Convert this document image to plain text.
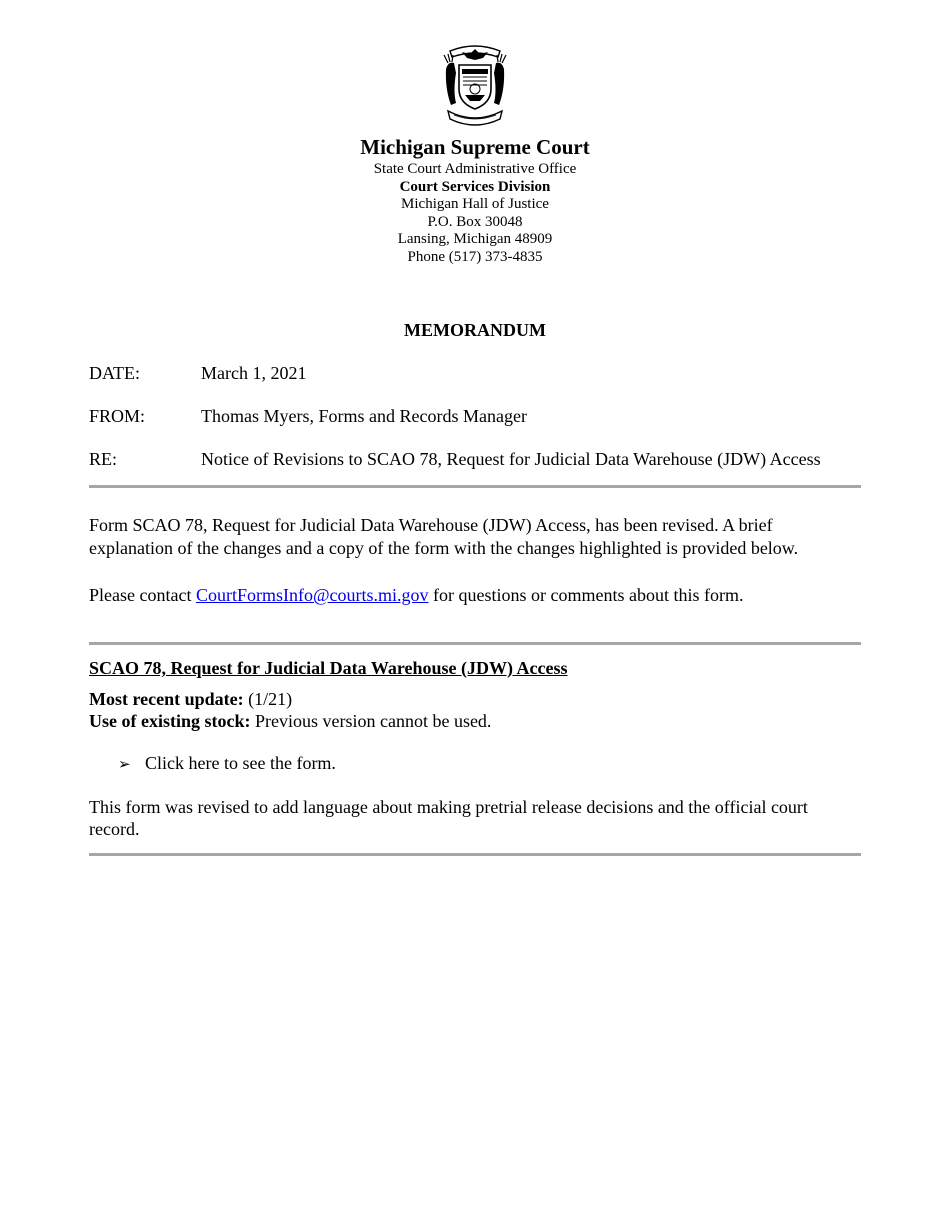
Michigan Supreme Court
State Court Administrative Office
Court Services Division
Michigan Hall of Justice
P.O. Box 30048
Lansing, Michigan 48909
Phone (517) 373-4835
MEMORANDUM
DATE:	March 1, 2021
FROM:	Thomas Myers, Forms and Records Manager
RE:	Notice of Revisions to SCAO 78, Request for Judicial Data Warehouse (JDW) Access
Form SCAO 78, Request for Judicial Data Warehouse (JDW) Access, has been revised. A brief explanation of the changes and a copy of the form with the changes highlighted is provided below.
Please contact CourtFormsInfo@courts.mi.gov for questions or comments about this form.
SCAO 78, Request for Judicial Data Warehouse (JDW) Access
Most recent update: (1/21)
Use of existing stock: Previous version cannot be used.
➢ Click here to see the form.
This form was revised to add language about making pretrial release decisions and the official court record.
